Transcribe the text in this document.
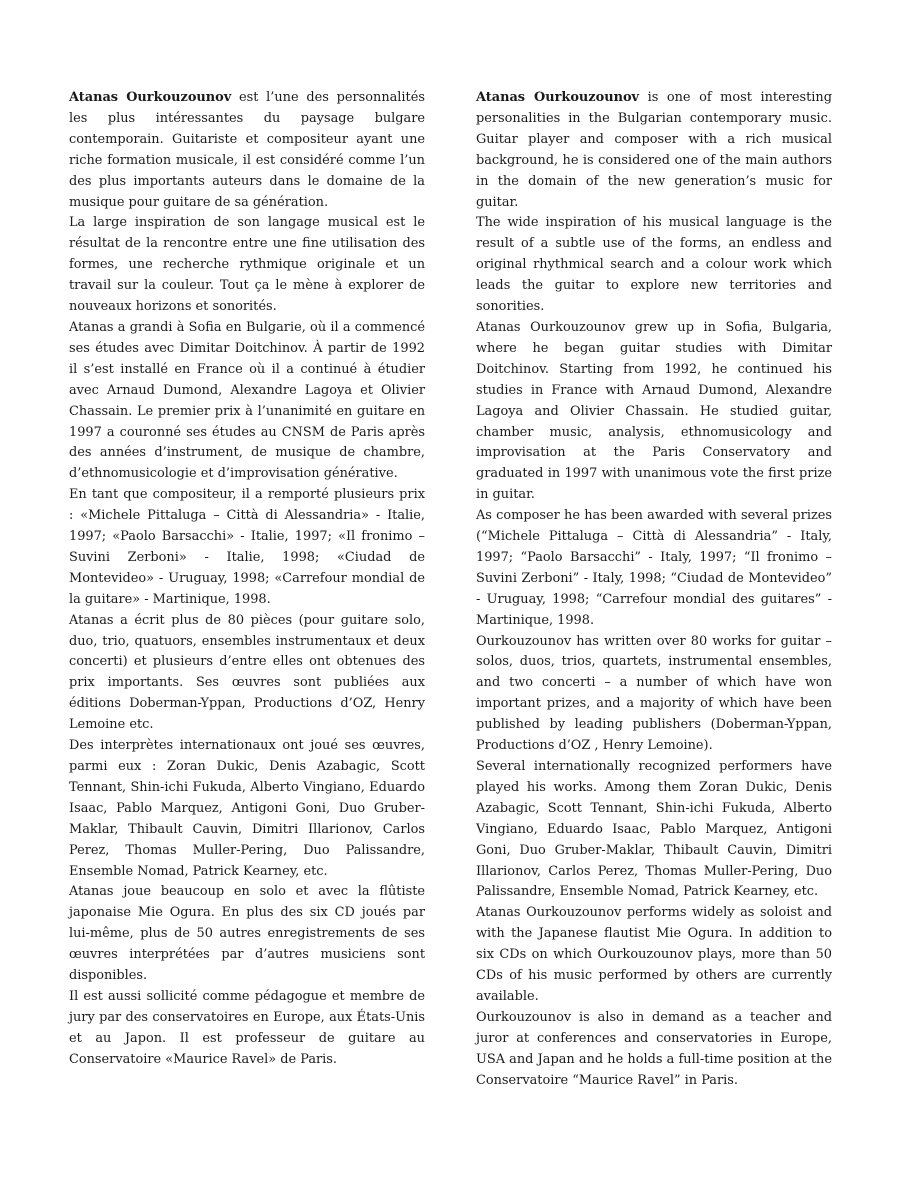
Atanas Ourkouzounov est l’une des personnalités les plus intéressantes du paysage bulgare contemporain. Guitariste et compositeur ayant une riche formation musicale, il est considéré comme l’un des plus importants auteurs dans le domaine de la musique pour guitare de sa génération.

La large inspiration de son langage musical est le résultat de la rencontre entre une fine utilisation des formes, une recherche rythmique originale et un travail sur la couleur. Tout ça le mène à explorer de nouveaux horizons et sonorités.

Atanas a grandi à Sofia en Bulgarie, où il a commencé ses études avec Dimitar Doitchinov. À partir de 1992 il s’est installé en France où il a continué à étudier avec Arnaud Dumond, Alexandre Lagoya et Olivier Chassain. Le premier prix à l’unanimité en guitare en 1997 a couronné ses études au CNSM de Paris après des années d’instrument, de musique de chambre, d’ethnomusicologie et d’improvisation générative.

En tant que compositeur, il a remporté plusieurs prix : «Michele Pittaluga – Città di Alessandria» - Italie, 1997; «Paolo Barsacchi» - Italie, 1997; «Il fronimo – Suvini Zerboni» - Italie, 1998; «Ciudad de Montevideo» - Uruguay, 1998; «Carrefour mondial de la guitare» - Martinique, 1998.

Atanas a écrit plus de 80 pièces (pour guitare solo, duo, trio, quatuors, ensembles instrumentaux et deux concerti) et plusieurs d’entre elles ont obtenues des prix importants. Ses œuvres sont publiées aux éditions Doberman-Yppan, Productions d’OZ, Henry Lemoine etc.

Des interprètes internationaux ont joué ses œuvres, parmi eux : Zoran Dukic, Denis Azabagic, Scott Tennant, Shin-ichi Fukuda, Alberto Vingiano, Eduardo Isaac, Pablo Marquez, Antigoni Goni, Duo Gruber-Maklar, Thibault Cauvin, Dimitri Illarionov, Carlos Perez, Thomas Muller-Pering, Duo Palissandre, Ensemble Nomad, Patrick Kearney, etc.

Atanas joue beaucoup en solo et avec la flûtiste japonaise Mie Ogura. En plus des six CD joués par lui-même, plus de 50 autres enregistrements de ses œuvres interprétées par d’autres musiciens sont disponibles.

Il est aussi sollicité comme pédagogue et membre de jury par des conservatoires en Europe, aux États-Unis et au Japon. Il est professeur de guitare au Conservatoire «Maurice Ravel» de Paris.

Atanas Ourkouzounov is one of most interesting personalities in the Bulgarian contemporary music. Guitar player and composer with a rich musical background, he is considered one of the main authors in the domain of the new generation’s music for guitar.

The wide inspiration of his musical language is the result of a subtle use of the forms, an endless and original rhythmical search and a colour work which leads the guitar to explore new territories and sonorities.

Atanas Ourkouzounov grew up in Sofia, Bulgaria, where he began guitar studies with Dimitar Doitchinov. Starting from 1992, he continued his studies in France with Arnaud Dumond, Alexandre Lagoya and Olivier Chassain. He studied guitar, chamber music, analysis, ethnomusicology and improvisation at the Paris Conservatory and graduated in 1997 with unanimous vote the first prize in guitar.

As composer he has been awarded with several prizes (“Michele Pittaluga – Città di Alessandria” - Italy, 1997; “Paolo Barsacchi” - Italy, 1997; “Il fronimo – Suvini Zerboni” - Italy, 1998; “Ciudad de Montevideo” - Uruguay, 1998; “Carrefour mondial des guitares” - Martinique, 1998.

Ourkouzounov has written over 80 works for guitar – solos, duos, trios, quartets, instrumental ensembles, and two concerti – a number of which have won important prizes, and a majority of which have been published by leading publishers (Doberman-Yppan, Productions d’OZ , Henry Lemoine).

Several internationally recognized performers have played his works. Among them Zoran Dukic, Denis Azabagic, Scott Tennant, Shin-ichi Fukuda, Alberto Vingiano, Eduardo Isaac, Pablo Marquez, Antigoni Goni, Duo Gruber-Maklar, Thibault Cauvin, Dimitri Illarionov, Carlos Perez, Thomas Muller-Pering, Duo Palissandre, Ensemble Nomad, Patrick Kearney, etc.

Atanas Ourkouzounov performs widely as soloist and with the Japanese flautist Mie Ogura. In addition to six CDs on which Ourkouzounov plays, more than 50 CDs of his music performed by others are currently available.

Ourkouzounov is also in demand as a teacher and juror at conferences and conservatories in Europe, USA and Japan and he holds a full-time position at the Conservatoire “Maurice Ravel” in Paris.
